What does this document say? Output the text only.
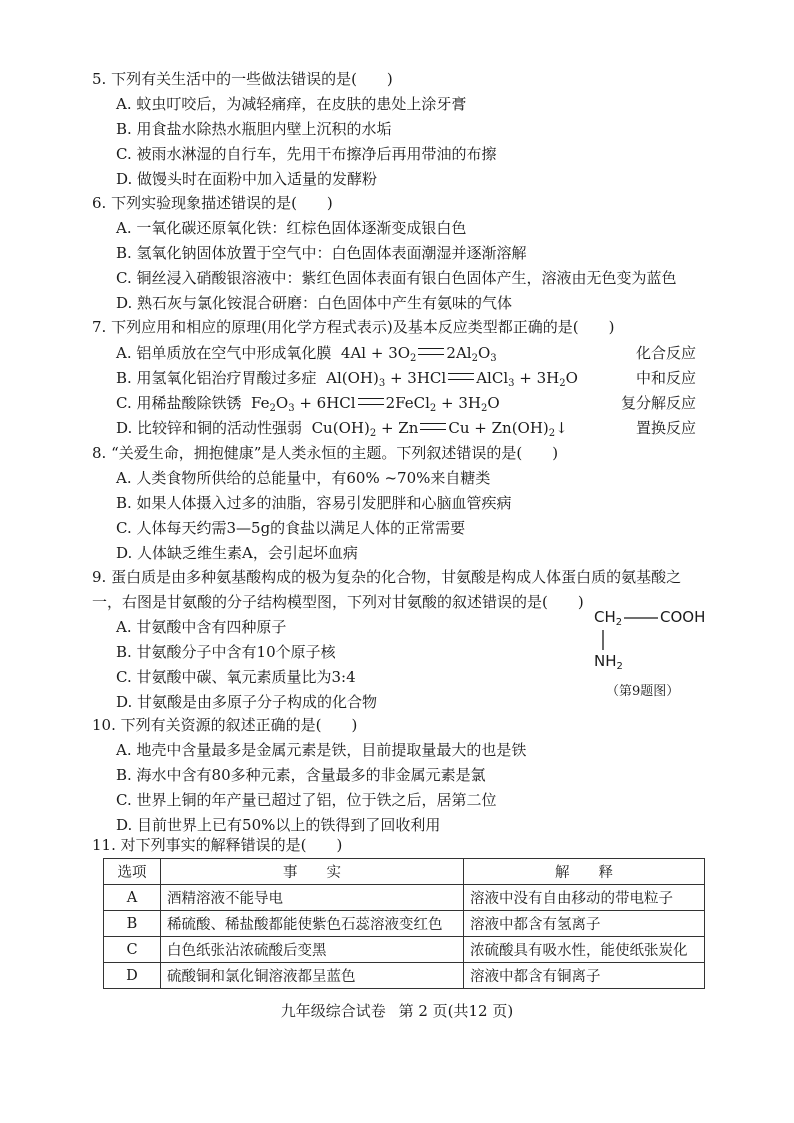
5. 下列有关生活中的一些做法错误的是(　　)
A. 蚊虫叮咬后，为减轻痛痒，在皮肤的患处上涂牙膏
B. 用食盐水除热水瓶胆内壁上沉积的水垢
C. 被雨水淋湿的自行车，先用干布擦净后再用带油的布擦
D. 做馒头时在面粉中加入适量的发酵粉
6. 下列实验现象描述错误的是(　　)
A. 一氧化碳还原氧化铁：红棕色固体逐渐变成银白色
B. 氢氧化钠固体放置于空气中：白色固体表面潮湿并逐渐溶解
C. 铜丝浸入硝酸银溶液中：紫红色固体表面有银白色固体产生，溶液由无色变为蓝色
D. 熟石灰与氯化铵混合研磨：白色固体中产生有氨味的气体
7. 下列应用和相应的原理(用化学方程式表示)及基本反应类型都正确的是(　　)
A. 铝单质放在空气中形成氧化膜  $4Al + 3O_2$ $2Al_2O_3$	化合反应
B. 用氢氧化铝治疗胃酸过多症  $Al(OH)_3 + 3HCl$ AlCl$_3$ + $3H_2O$	中和反应
C. 用稀盐酸除铁锈  $Fe_2O_3 + 6HCl$ 2FeCl$_2$ + $3H_2O$	复分解反应
D. 比较锌和铜的活动性强弱  $Cu(OH)_2 + Zn$ $Cu + Zn(OH)_2↓$	置换反应
8. “关爱生命，拥抱健康”是人类永恒的主题。下列叙述错误的是(　　)
A. 人类食物所供给的总能量中，有60% ~70%来自糖类
B. 如果人体摄入过多的油脂，容易引发肥胖和心脑血管疾病
C. 人体每天约需3—5g的食盐以满足人体的正常需要
D. 人体缺乏维生素A，会引起坏血病
9. 蛋白质是由多种氨基酸构成的极为复杂的化合物，甘氨酸是构成人体蛋白质的氨基酸之
一，右图是甘氨酸的分子结构模型图，下列对甘氨酸的叙述错误的是(　　)
A. 甘氨酸中含有四种原子
B. 甘氨酸分子中含有10个原子核
C. 甘氨酸中碳、氧元素质量比为3:4
D. 甘氨酸是由多原子分子构成的化合物
$CH_2$	COOH
$NH_2$
（第9题图）
10. 下列有关资源的叙述正确的是(　　)
A. 地壳中含量最多是金属元素是铁，目前提取量最大的也是铁
B. 海水中含有80多种元素，含量最多的非金属元素是氯
C. 世界上铜的年产量已超过了铝，位于铁之后，居第二位
D. 目前世界上已有50%以上的铁得到了回收利用
11. 对下列事实的解释错误的是(　　)
选项	事　　实	解　　释
A	酒精溶液不能导电	溶液中没有自由移动的带电粒子
B	稀硫酸、稀盐酸都能使紫色石蕊溶液变红色	溶液中都含有氢离子
C	白色纸张沾浓硫酸后变黑	浓硫酸具有吸水性，能使纸张炭化
D	硫酸铜和氯化铜溶液都呈蓝色	溶液中都含有铜离子
九年级综合试卷 第 2 页(共12 页)
